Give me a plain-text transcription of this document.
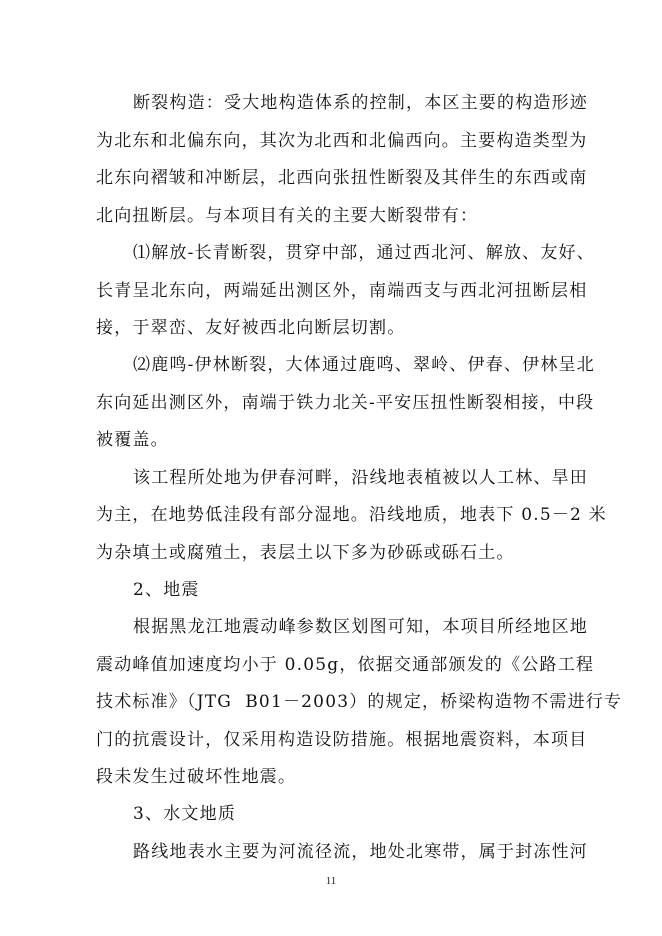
断裂构造：受大地构造体系的控制，本区主要的构造形迹
为北东和北偏东向，其次为北西和北偏西向。主要构造类型为
北东向褶皱和冲断层，北西向张扭性断裂及其伴生的东西或南
北向扭断层。与本项目有关的主要大断裂带有：
⑴解放-长青断裂，贯穿中部，通过西北河、解放、友好、
长青呈北东向，两端延出测区外，南端西支与西北河扭断层相
接，于翠峦、友好被西北向断层切割。
⑵鹿鸣-伊林断裂，大体通过鹿鸣、翠岭、伊春、伊林呈北
东向延出测区外，南端于铁力北关-平安压扭性断裂相接，中段
被覆盖。
该工程所处地为伊春河畔，沿线地表植被以人工林、旱田
为主，在地势低洼段有部分湿地。沿线地质，地表下 0.5－2 米
为杂填土或腐殖土，表层土以下多为砂砾或砾石土。
2、地震
根据黑龙江地震动峰参数区划图可知，本项目所经地区地
震动峰值加速度均小于 0.05g，依据交通部颁发的《公路工程
技术标准》（JTG  B01－2003）的规定，桥梁构造物不需进行专
门的抗震设计，仅采用构造设防措施。根据地震资料，本项目
段未发生过破坏性地震。
3、水文地质
路线地表水主要为河流径流，地处北寒带，属于封冻性河
11
